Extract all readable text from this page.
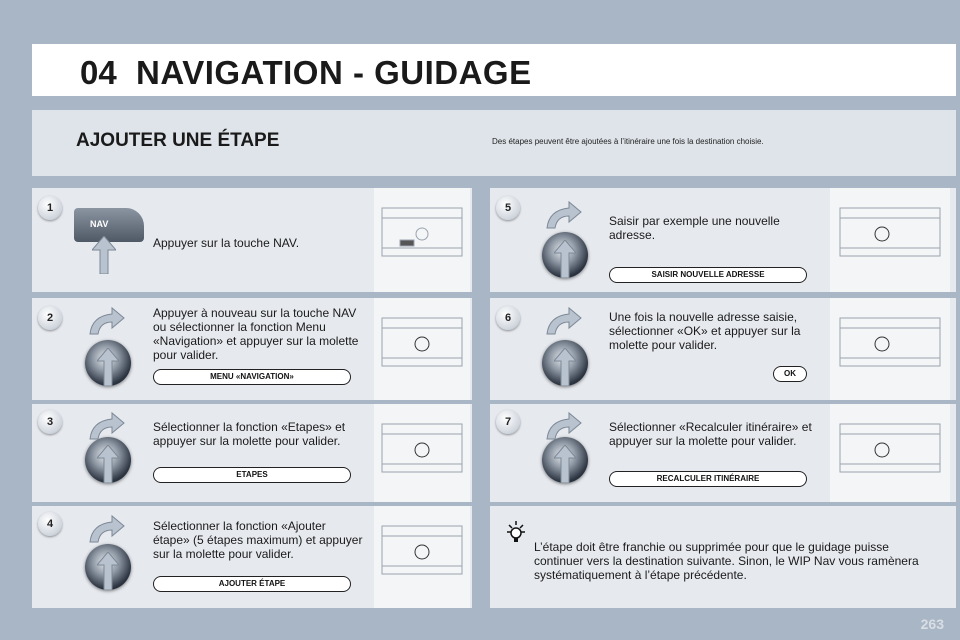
04 NAVIGATION - GUIDAGE
AJOUTER UNE ÉTAPE	Des étapes peuvent être ajoutées à l’itinéraire une fois la destination choisie.
1
2
3
4
5
6
7
NAV
Appuyer sur la touche NAV.
Appuyer à nouveau sur la touche NAV ou sélectionner la fonction Menu «Navigation» et appuyer sur la molette pour valider.
Sélectionner la fonction «Etapes» et appuyer sur la molette pour valider.
Sélectionner la fonction «Ajouter étape» (5 étapes maximum) et appuyer sur la molette pour valider.
Saisir par exemple une nouvelle adresse.
Une fois la nouvelle adresse saisie, sélectionner «OK» et appuyer sur la molette pour valider.
Sélectionner «Recalculer itinéraire» et appuyer sur la molette pour valider.
MENU «NAVIGATION»
ETAPES
AJOUTER ÉTAPE
SAISIR NOUVELLE ADRESSE
OK
RECALCULER ITINÉRAIRE
L’étape doit être franchie ou supprimée pour que le guidage puisse continuer vers la destination suivante. Sinon, le WIP Nav vous ramènera systématiquement à l’étape précédente.
263
